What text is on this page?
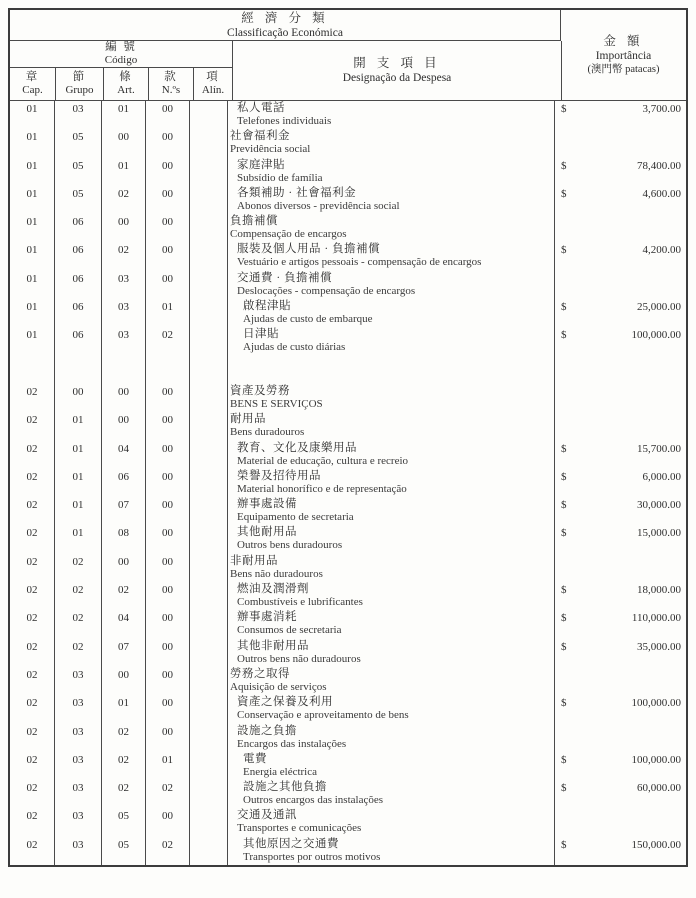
經 濟 分 類
Classificação Económica
編 號
Código
章
Cap.
節
Grupo
條
Art.
款
N.ºs
項
Alín.
開 支 項 目
Designação da Despesa
金 額
Importância
(澳門幣 patacas)
01	03	01	00	私人電話
Telefones individuais
$	3,700.00
01	05	00	00	社會福利金
Previdência social
01	05	01	00	家庭津貼
Subsídio de família
$	78,400.00
01	05	02	00	各類補助 · 社會福利金
Abonos diversos - previdência social
$	4,600.00
01	06	00	00	負擔補償
Compensação de encargos
01	06	02	00	服裝及個人用品 · 負擔補償
Vestuário e artigos pessoais - compensação de encargos
$	4,200.00
01	06	03	00	交通費 · 負擔補償
Deslocações - compensação de encargos
01	06	03	01	啟程津貼
Ajudas de custo de embarque
$	25,000.00
01	06	03	02	日津貼
Ajudas de custo diárias
$	100,000.00
02	00	00	00	資產及勞務
BENS E SERVIÇOS
02	01	00	00	耐用品
Bens duradouros
02	01	04	00	教育、文化及康樂用品
Material de educação, cultura e recreio
$	15,700.00
02	01	06	00	榮譽及招待用品
Material honorífico e de representação
$	6,000.00
02	01	07	00	辦事處設備
Equipamento de secretaria
$	30,000.00
02	01	08	00	其他耐用品
Outros bens duradouros
$	15,000.00
02	02	00	00	非耐用品
Bens não duradouros
02	02	02	00	燃油及潤滑劑
Combustíveis e lubrificantes
$	18,000.00
02	02	04	00	辦事處消耗
Consumos de secretaria
$	110,000.00
02	02	07	00	其他非耐用品
Outros bens não duradouros
$	35,000.00
02	03	00	00	勞務之取得
Aquisição de serviços
02	03	01	00	資產之保養及利用
Conservação e aproveitamento de bens
$	100,000.00
02	03	02	00	設施之負擔
Encargos das instalações
02	03	02	01	電費
Energia eléctrica
$	100,000.00
02	03	02	02	設施之其他負擔
Outros encargos das instalações
$	60,000.00
02	03	05	00	交通及通訊
Transportes e comunicações
02	03	05	02	其他原因之交通費
Transportes por outros motivos
$	150,000.00
